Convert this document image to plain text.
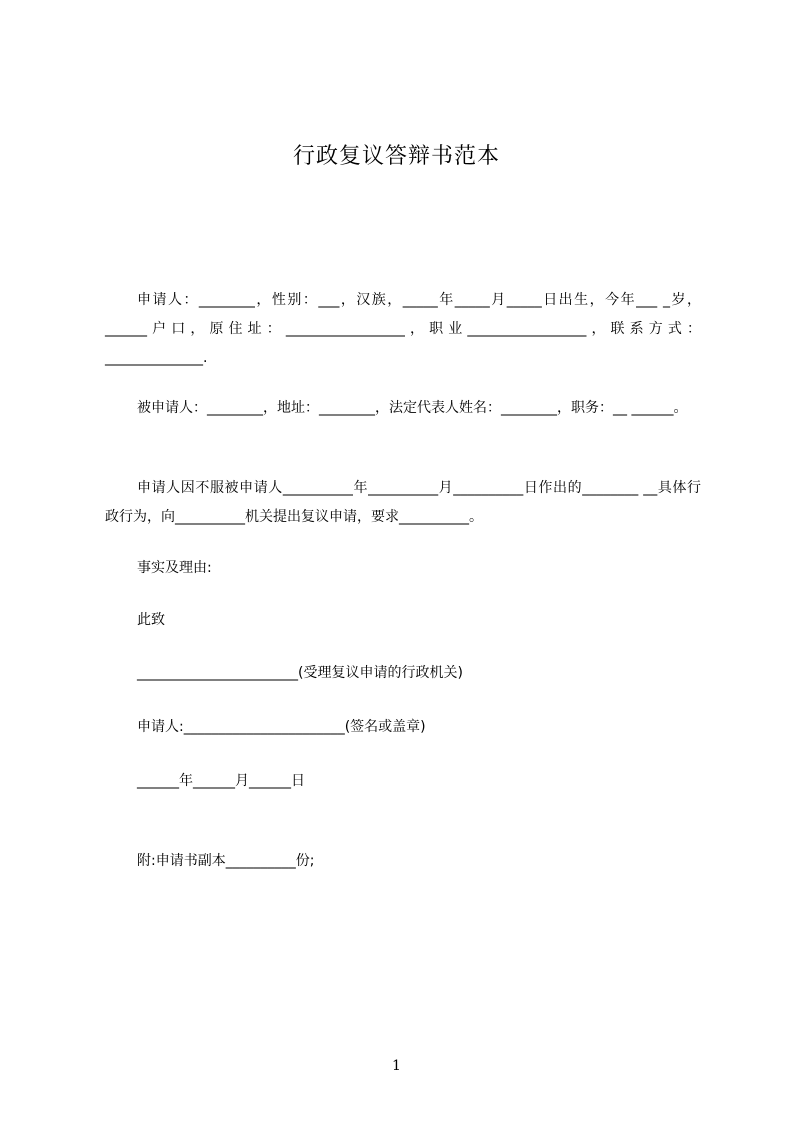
行政复议答辩书范本
申请人：________，性别：___，汉族，_____年_____月_____日出生，今年___ _岁，______户口，原住址：_________________，职业_________________，联系方式：______________.
被申请人：________，地址：________，法定代表人姓名：________，职务：__ ______。
申请人因不服被申请人__________年__________月__________日作出的________ __具体行政行为，向__________机关提出复议申请，要求__________。
事实及理由:
此致
_______________________(受理复议申请的行政机关)
申请人:_______________________(签名或盖章)
______年______月______日
附:申请书副本__________份;
1
